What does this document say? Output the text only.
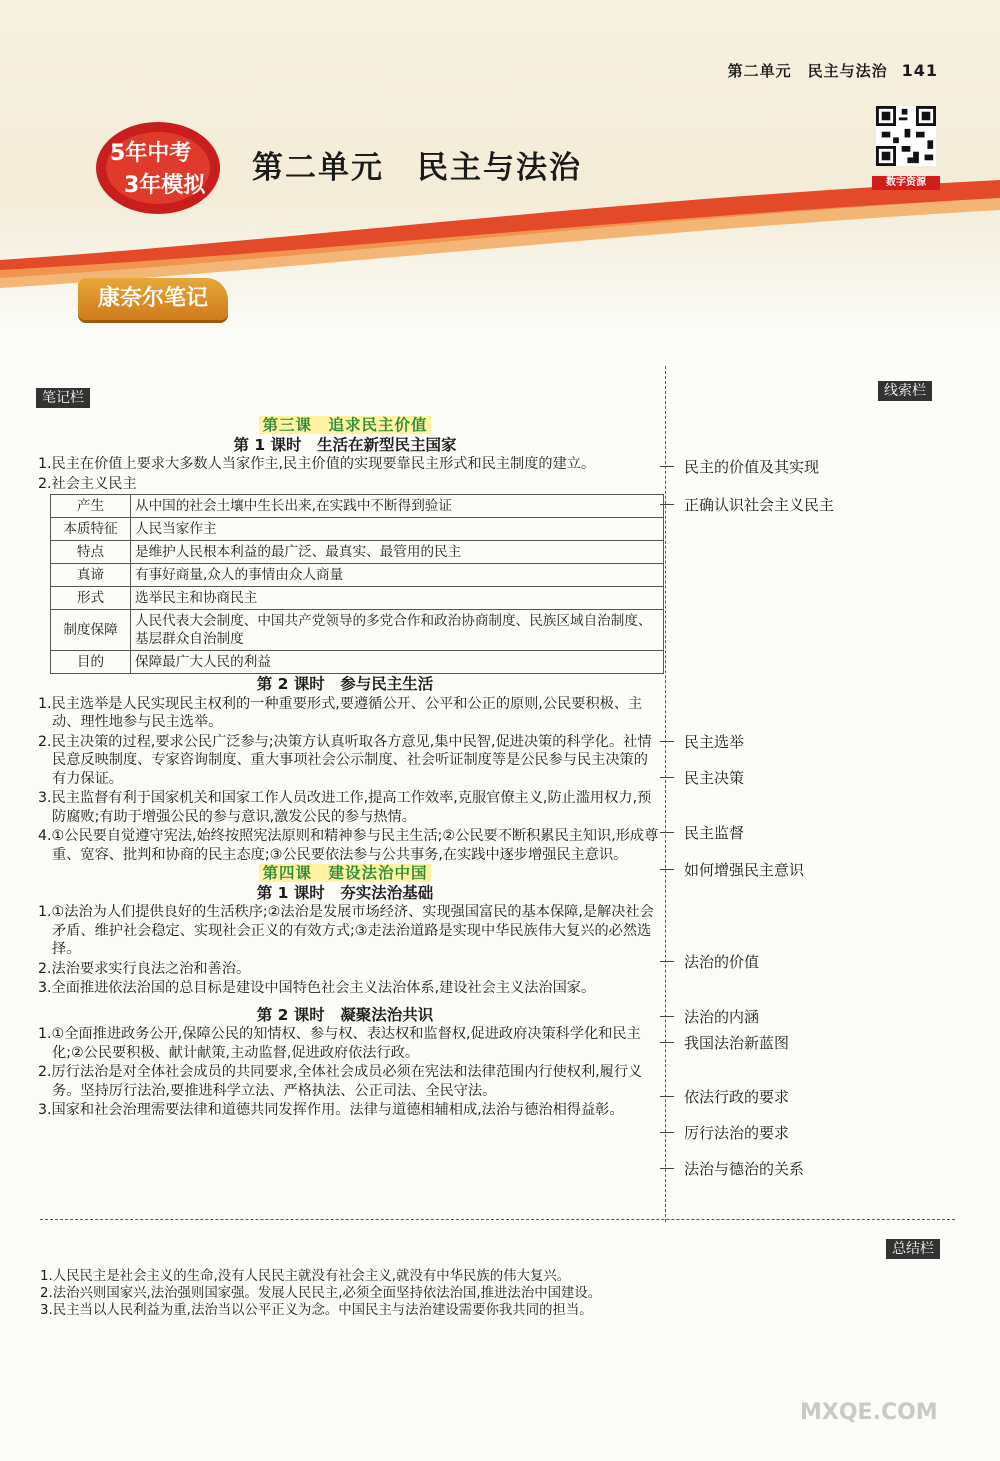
第二单元　民主与法治 141
5年中考
3年模拟 第二单元　民主与法治	数字资源
康奈尔笔记
笔记栏	线索栏
总结栏
第三课　追求民主价值
第 1 课时　生活在新型民主国家
1.民主在价值上要求大多数人当家作主,民主价值的实现要靠民主形式和民主制度的建立。
2.社会主义民主
产生	从中国的社会土壤中生长出来,在实践中不断得到验证
本质特征	人民当家作主
特点	是维护人民根本利益的最广泛、最真实、最管用的民主
真谛	有事好商量,众人的事情由众人商量
形式	选举民主和协商民主
制度保障	人民代表大会制度、中国共产党领导的多党合作和政治协商制度、民族区域自治制度、基层群众自治制度
目的	保障最广大人民的利益
第 2 课时　参与民主生活
1.民主选举是人民实现民主权利的一种重要形式,要遵循公开、公平和公正的原则,公民要积极、主动、理性地参与民主选举。
2.民主决策的过程,要求公民广泛参与;决策方认真听取各方意见,集中民智,促进决策的科学化。社情民意反映制度、专家咨询制度、重大事项社会公示制度、社会听证制度等是公民参与民主决策的有力保证。
3.民主监督有利于国家机关和国家工作人员改进工作,提高工作效率,克服官僚主义,防止滥用权力,预防腐败;有助于增强公民的参与意识,激发公民的参与热情。
4.①公民要自觉遵守宪法,始终按照宪法原则和精神参与民主生活;②公民要不断积累民主知识,形成尊重、宽容、批判和协商的民主态度;③公民要依法参与公共事务,在实践中逐步增强民主意识。
第四课　建设法治中国
第 1 课时　夯实法治基础
1.①法治为人们提供良好的生活秩序;②法治是发展市场经济、实现强国富民的基本保障,是解决社会矛盾、维护社会稳定、实现社会正义的有效方式;③走法治道路是实现中华民族伟大复兴的必然选择。
2.法治要求实行良法之治和善治。
3.全面推进依法治国的总目标是建设中国特色社会主义法治体系,建设社会主义法治国家。
第 2 课时　凝聚法治共识
1.①全面推进政务公开,保障公民的知情权、参与权、表达权和监督权,促进政府决策科学化和民主化;②公民要积极、献计献策,主动监督,促进政府依法行政。
2.厉行法治是对全体社会成员的共同要求,全体社会成员必须在宪法和法律范围内行使权利,履行义务。坚持厉行法治,要推进科学立法、严格执法、公正司法、全民守法。
3.国家和社会治理需要法律和道德共同发挥作用。法律与道德相辅相成,法治与德治相得益彰。
民主的价值及其实现
正确认识社会主义民主
民主选举
民主决策
民主监督
如何增强民主意识
法治的价值
法治的内涵
我国法治新蓝图
依法行政的要求
厉行法治的要求
法治与德治的关系
1.人民民主是社会主义的生命,没有人民民主就没有社会主义,就没有中华民族的伟大复兴。
2.法治兴则国家兴,法治强则国家强。发展人民民主,必须全面坚持依法治国,推进法治中国建设。
3.民主当以人民利益为重,法治当以公平正义为念。中国民主与法治建设需要你我共同的担当。
MXQE.COM
